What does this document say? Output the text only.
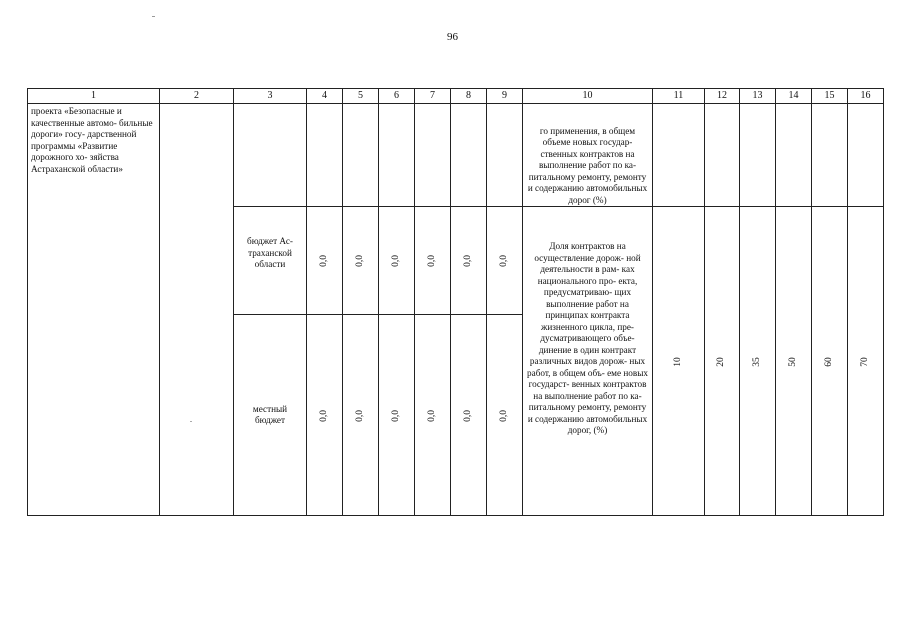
96
1	2	3	4	5	6	7	8	9	10	11	12	13	14	15	16
проекта «Безопасные и качественные автомо- бильные дороги» госу- дарственной программы «Развитие дорожного хо- зяйства Астраханской области»									го применения, в общем объеме новых государ- ственных контрактов на выполнение работ по ка- питальному ремонту, ремонту и содержанию автомобильных дорог (%)						
		бюджет Ас- траханской области	0,0	0,0	0,0	0,0	0,0	0,0	Доля контрактов на осуществление дорож- ной деятельности в рам- ках национального про- екта, предусматриваю- щих выполнение работ на принципах контракта жизненного цикла, пре- дусматривающего объе- динение в один контракт различных видов дорож- ных работ, в общем объ- еме новых государст- венных контрактов на выполнение работ по ка- питальному ремонту, ремонту и содержанию автомобильных дорог, (%)	10	20	35	50	60	70
		местный бюджет	0,0	0,0	0,0	0,0	0,0	0,0							
